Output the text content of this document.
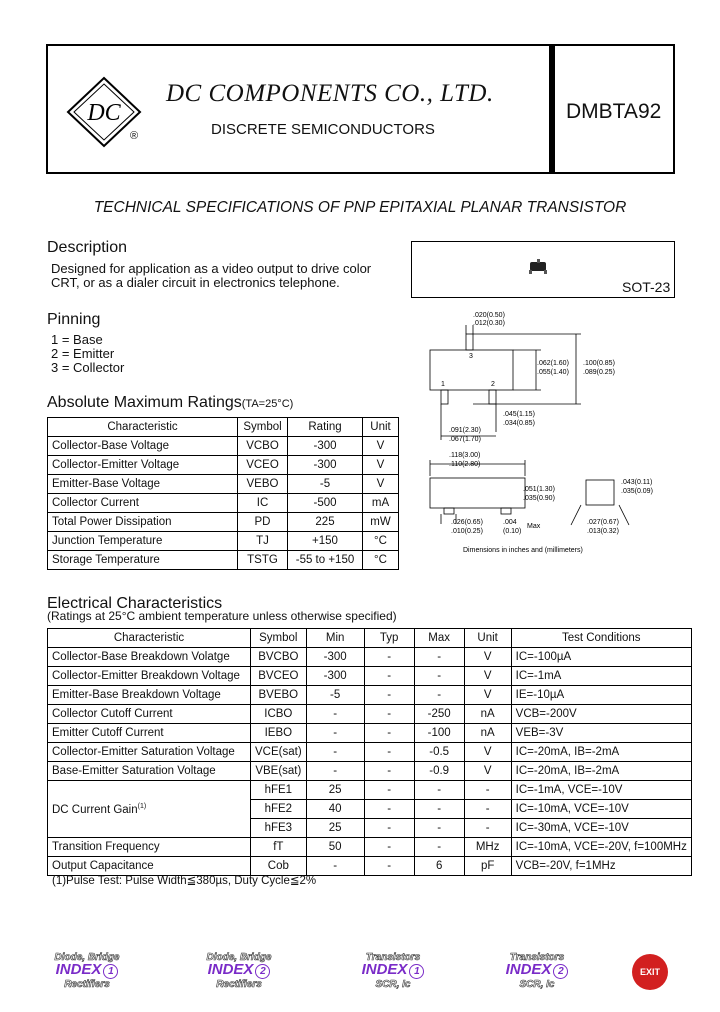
DC
®
DC COMPONENTS CO., LTD.
DISCRETE SEMICONDUCTORS
DMBTA92
TECHNICAL SPECIFICATIONS OF PNP EPITAXIAL PLANAR TRANSISTOR
Description
Designed for application as a video output to drive color
CRT, or as a dialer circuit in electronics telephone.	SOT-23
Pinning
1 = Base
2 = Emitter
3 = Collector
Absolute Maximum Ratings(TA=25°C)
Characteristic	Symbol	Rating	Unit
Collector-Base Voltage	VCBO	-300	V
Collector-Emitter Voltage	VCEO	-300	V
Emitter-Base Voltage	VEBO	-5	V
Collector Current	IC	-500	mA
Total Power Dissipation	PD	225	mW
Junction Temperature	TJ	+150	°C
Storage Temperature	TSTG	-55 to +150	°C
.020(0.50)
.012(0.30)
3
1	2
.062(1.60)
.055(1.40)
.100(0.85)
.089(0.25)
.045(1.15)
.034(0.85)
.091(2.30)
.067(1.70)
.118(3.00)
.110(2.80)
.051(1.30)
.035(0.90)
.043(0.11)
.035(0.09)
.026(0.65)
.010(0.25)
.004
(0.10)
Max
.027(0.67)
.013(0.32)
Dimensions in inches and (millimeters)
Electrical Characteristics
(Ratings at 25°C ambient temperature unless otherwise specified)
Characteristic	Symbol	Min	Typ	Max	Unit	Test Conditions
Collector-Base Breakdown Volatge	BVCBO	-300	-	-	V	IC=-100µA
Collector-Emitter Breakdown Voltage	BVCEO	-300	-	-	V	IC=-1mA
Emitter-Base Breakdown Voltage	BVEBO	-5	-	-	V	IE=-10µA
Collector Cutoff Current	ICBO	-	-	-250	nA	VCB=-200V
Emitter Cutoff Current	IEBO	-	-	-100	nA	VEB=-3V
Collector-Emitter Saturation Voltage	VCE(sat)	-	-	-0.5	V	IC=-20mA, IB=-2mA
Base-Emitter Saturation Voltage	VBE(sat)	-	-	-0.9	V	IC=-20mA, IB=-2mA
DC Current Gain$^{(1)}$	hFE1	25	-	-	-	IC=-1mA, VCE=-10V
	hFE2	40	-	-	-	IC=-10mA, VCE=-10V
	hFE3	25	-	-	-	IC=-30mA, VCE=-10V
Transition Frequency	fT	50	-	-	MHz	IC=-10mA, VCE=-20V, f=100MHz
Output Capacitance	Cob	-	-	6	pF	VCB=-20V, f=1MHz
(1)Pulse Test: Pulse Width≦380µs, Duty Cycle≦2%
Diode, Bridge
INDEX 1
Rectifiers
Diode, Bridge
INDEX 2
Rectifiers
Transistors
INDEX 1
SCR, Ic
Transistors
INDEX 2
SCR, Ic
EXIT
